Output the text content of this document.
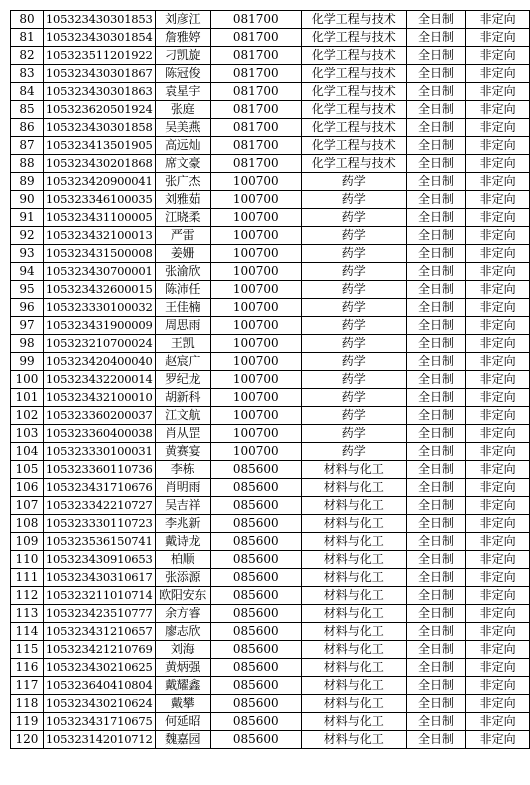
80	105323430301853	刘彦江	081700	化学工程与技术	全日制	非定向
81	105323430301854	詹雅婷	081700	化学工程与技术	全日制	非定向
82	105323511201922	刁凯旋	081700	化学工程与技术	全日制	非定向
83	105323430301867	陈冠俊	081700	化学工程与技术	全日制	非定向
84	105323430301863	袁星宇	081700	化学工程与技术	全日制	非定向
85	105323620501924	张庭	081700	化学工程与技术	全日制	非定向
86	105323430301858	吴美燕	081700	化学工程与技术	全日制	非定向
87	105323413501905	高远灿	081700	化学工程与技术	全日制	非定向
88	105323430201868	席文豪	081700	化学工程与技术	全日制	非定向
89	105323420900041	张广杰	100700	药学	全日制	非定向
90	105323346100035	刘雅茹	100700	药学	全日制	非定向
91	105323431100005	江晓柔	100700	药学	全日制	非定向
92	105323432100013	严雷	100700	药学	全日制	非定向
93	105323431500008	姜姗	100700	药学	全日制	非定向
94	105323430700001	张渝欣	100700	药学	全日制	非定向
95	105323432600015	陈沛任	100700	药学	全日制	非定向
96	105323330100032	王佳楠	100700	药学	全日制	非定向
97	105323431900009	周思雨	100700	药学	全日制	非定向
98	105323210700024	王凯	100700	药学	全日制	非定向
99	105323420400040	赵宸广	100700	药学	全日制	非定向
100	105323432200014	罗纪龙	100700	药学	全日制	非定向
101	105323432100010	胡新科	100700	药学	全日制	非定向
102	105323360200037	江文航	100700	药学	全日制	非定向
103	105323360400038	肖从罡	100700	药学	全日制	非定向
104	105323330100031	黄赛宴	100700	药学	全日制	非定向
105	105323360110736	李栋	085600	材料与化工	全日制	非定向
106	105323431710676	肖明雨	085600	材料与化工	全日制	非定向
107	105323342210727	吴吉祥	085600	材料与化工	全日制	非定向
108	105323330110723	李兆新	085600	材料与化工	全日制	非定向
109	105323536150741	戴诗龙	085600	材料与化工	全日制	非定向
110	105323430910653	柏顺	085600	材料与化工	全日制	非定向
111	105323430310617	张添源	085600	材料与化工	全日制	非定向
112	105323211010714	欧阳安东	085600	材料与化工	全日制	非定向
113	105323423510777	余方睿	085600	材料与化工	全日制	非定向
114	105323431210657	廖志欣	085600	材料与化工	全日制	非定向
115	105323421210769	刘海	085600	材料与化工	全日制	非定向
116	105323430210625	黄炳强	085600	材料与化工	全日制	非定向
117	105323640410804	戴耀鑫	085600	材料与化工	全日制	非定向
118	105323430210624	戴攀	085600	材料与化工	全日制	非定向
119	105323431710675	何延昭	085600	材料与化工	全日制	非定向
120	105323142010712	魏嘉园	085600	材料与化工	全日制	非定向
